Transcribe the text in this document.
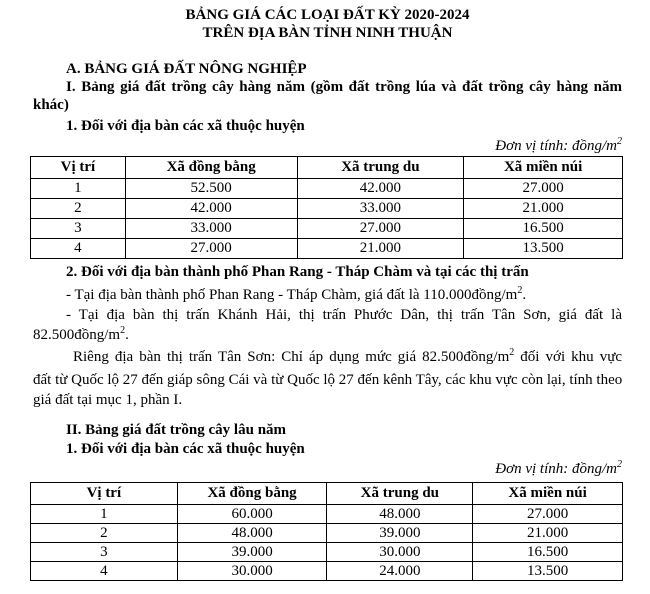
BẢNG GIÁ CÁC LOẠI ĐẤT KỲ 2020-2024
TRÊN ĐỊA BÀN TỈNH NINH THUẬN
A. BẢNG GIÁ ĐẤT NÔNG NGHIỆP
I. Bảng giá đất trồng cây hàng năm (gồm đất trồng lúa và đất trồng cây hàng năm
khác)
1. Đối với địa bàn các xã thuộc huyện
Đơn vị tính: đồng/$m^2$
Vị trí	Xã đồng bằng	Xã trung du	Xã miền núi
1	52.500	42.000	27.000
2	42.000	33.000	21.000
3	33.000	27.000	16.500
4	27.000	21.000	13.500
2. Đối với địa bàn thành phố Phan Rang - Tháp Chàm và tại các thị trấn
- Tại địa bàn thành phố Phan Rang - Tháp Chàm, giá đất là $110.000đồng/m^2$.
- Tại địa bàn thị trấn Khánh Hải, thị trấn Phước Dân, thị trấn Tân Sơn, giá đất là
$82.500đồng/m^2$.
Riêng địa bàn thị trấn Tân Sơn: Chỉ áp dụng mức giá $82.500đồng/m^2$ đối với khu vực
đất từ Quốc lộ 27 đến giáp sông Cái và từ Quốc lộ 27 đến kênh Tây, các khu vực còn lại, tính theo
giá đất tại mục 1, phần I.
II. Bảng giá đất trồng cây lâu năm
1. Đối với địa bàn các xã thuộc huyện
Đơn vị tính: đồng/$m^2$
Vị trí	Xã đồng bằng	Xã trung du	Xã miền núi
1	60.000	48.000	27.000
2	48.000	39.000	21.000
3	39.000	30.000	16.500
4	30.000	24.000	13.500
